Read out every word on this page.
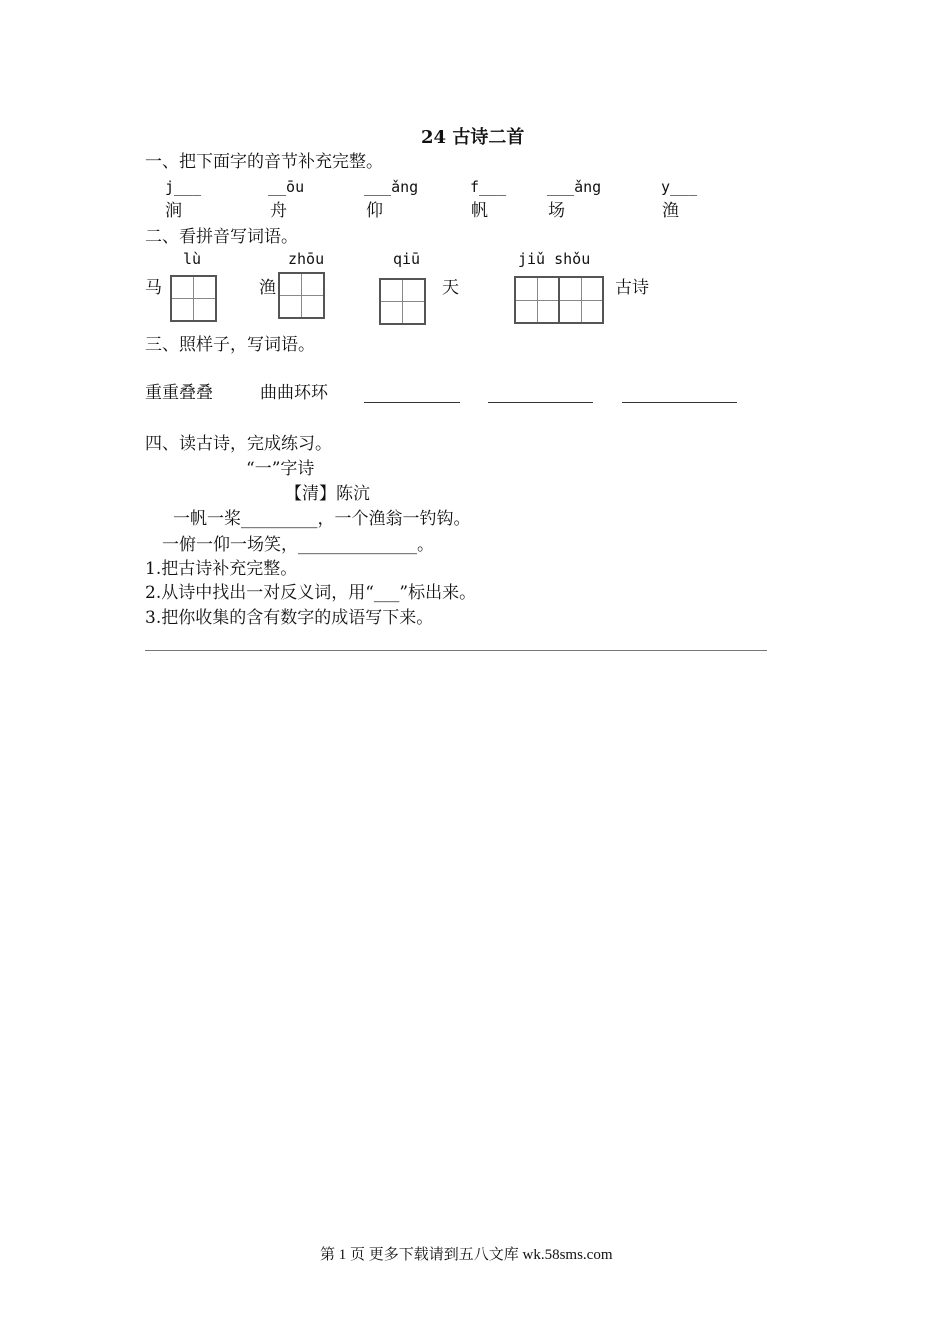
24 古诗二首
一、把下面字的音节补充完整。
j___	__ōu	___ǎng	f___	___ǎng	y___
涧	舟	仰	帆	场	渔
二、看拼音写词语。
lù	zhōu	qiū	jiǔ shǒu
马	渔	天	古诗
三、照样子，写词语。
重重叠叠	曲曲环环
四、读古诗，完成练习。
“一”字诗
【清】陈沆
一帆一桨_________，一个渔翁一钓钩。
一俯一仰一场笑，______________。
1.把古诗补充完整。
2.从诗中找出一对反义词，用“___”标出来。
3.把你收集的含有数字的成语写下来。
第 1 页 更多下载请到五八文库 wk.58sms.com
